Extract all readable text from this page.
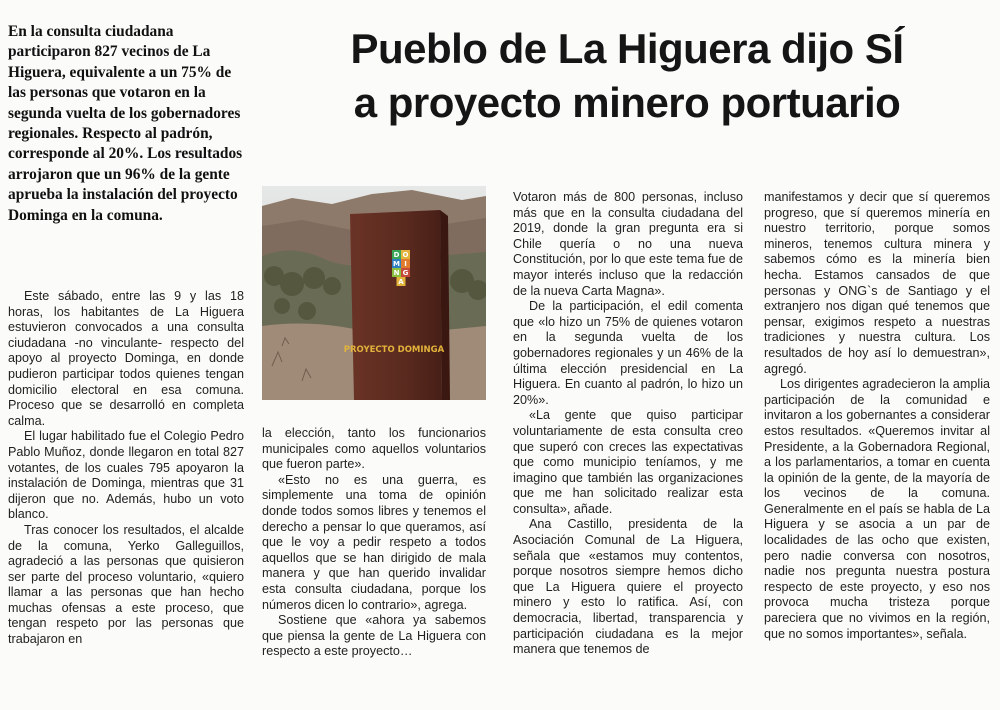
En la consulta ciudadana participaron 827 vecinos de La Higuera, equivalente a un 75% de las personas que votaron en la segunda vuelta de los gobernadores regionales. Respecto al padrón, corresponde al 20%. Los resultados arrojaron que un 96% de la gente aprueba la instalación del proyecto Dominga en la comuna.
Pueblo de La Higuera dijo SÍ
a proyecto minero portuario
D O
M I
N G
A
PROYECTO DOMINGA

Este sábado, entre las 9 y las 18 horas, los habitantes de La Higuera estuvieron convocados a una consulta ciudadana -no vinculante- respecto del apoyo al proyecto Dominga, en donde pudieron participar todos quienes tengan domicilio electoral en esa comuna. Proceso que se desarrolló en completa calma.

El lugar habilitado fue el Colegio Pedro Pablo Muñoz, donde llegaron en total 827 votantes, de los cuales 795 apoyaron la instalación de Dominga, mientras que 31 dijeron que no. Además, hubo un voto blanco.

Tras conocer los resultados, el alcalde de la comuna, Yerko Galleguillos, agradeció a las personas que quisieron ser parte del proceso voluntario, «quiero llamar a las personas que han hecho muchas ofensas a este proceso, que tengan respeto por las personas que trabajaron en

la elección, tanto los funcionarios municipales como aquellos voluntarios que fueron parte».

«Esto no es una guerra, es simplemente una toma de opinión donde todos somos libres y tenemos el derecho a pensar lo que queramos, así que le voy a pedir respeto a todos aquellos que se han dirigido de mala manera y que han querido invalidar esta consulta ciudadana, porque los números dicen lo contrario», agrega.

Sostiene que «ahora ya sabemos que piensa la gente de La Higuera con respecto a este proyecto…

Votaron más de 800 personas, incluso más que en la consulta ciudadana del 2019, donde la gran pregunta era si Chile quería o no una nueva Constitución, por lo que este tema fue de mayor interés incluso que la redacción de la nueva Carta Magna».

De la participación, el edil comenta que «lo hizo un 75% de quienes votaron en la segunda vuelta de los gobernadores regionales y un 46% de la última elección presidencial en La Higuera. En cuanto al padrón, lo hizo un 20%».

«La gente que quiso participar voluntariamente de esta consulta creo que superó con creces las expectativas que como municipio teníamos, y me imagino que también las organizaciones que me han solicitado realizar esta consulta», añade.

Ana Castillo, presidenta de la Asociación Comunal de La Higuera, señala que «estamos muy contentos, porque nosotros siempre hemos dicho que La Higuera quiere el proyecto minero y esto lo ratifica. Así, con democracia, libertad, transparencia y participación ciudadana es la mejor manera que tenemos de

manifestamos y decir que sí queremos progreso, que sí queremos minería en nuestro territorio, porque somos mineros, tenemos cultura minera y sabemos cómo es la minería bien hecha. Estamos cansados de que personas y ONG`s de Santiago y el extranjero nos digan qué tenemos que pensar, exigimos respeto a nuestras tradiciones y nuestra cultura. Los resultados de hoy así lo demuestran», agregó.

Los dirigentes agradecieron la amplia participación de la comunidad e invitaron a los gobernantes a considerar estos resultados. «Queremos invitar al Presidente, a la Gobernadora Regional, a los parlamentarios, a tomar en cuenta la opinión de la gente, de la mayoría de los vecinos de la comuna. Generalmente en el país se habla de La Higuera y se asocia a un par de localidades de las ocho que existen, pero nadie conversa con nosotros, nadie nos pregunta nuestra postura respecto de este proyecto, y eso nos provoca mucha tristeza porque pareciera que no vivimos en la región, que no somos importantes», señala.
